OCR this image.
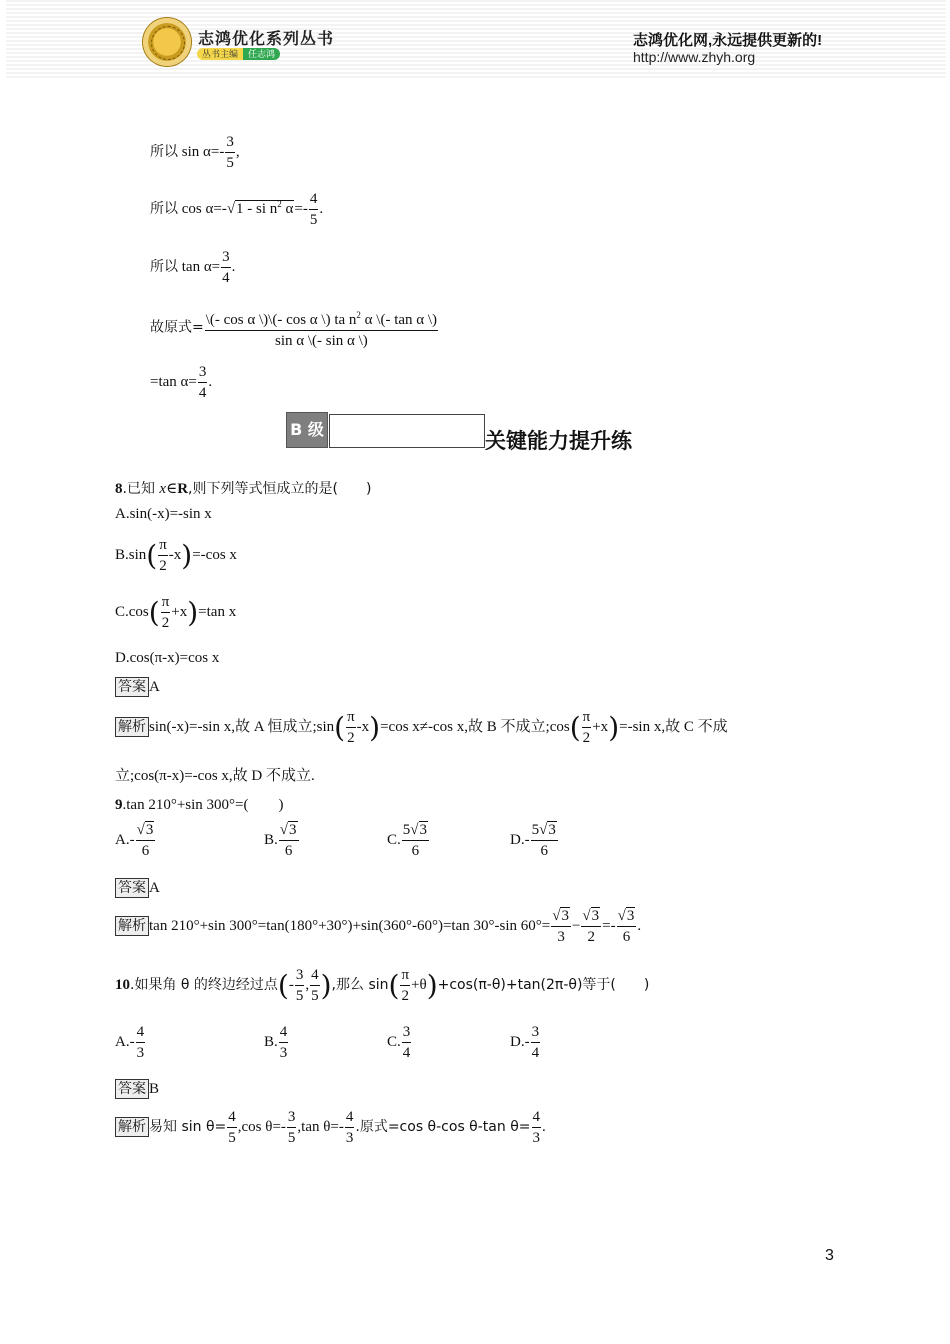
志鸿优化系列丛书
丛书主编	任志鸿
志鸿优化网,永远提供更新的!
http://www.zhyh.org
所以 $\sin \alpha=- \frac{3}{5}$ ,
所以 cos α=-√1 - si $n^2$ $\alpha=- \frac{4}{5}$ .
所以 $\tan \alpha= \frac{3}{4}$ .
故原式= $\frac{\backslash(- \cos \alpha \backslash)\backslash(- \cos \alpha \backslash) ta n^2 \alpha \backslash(- \tan \alpha \backslash)}{\text{sin α \textbackslash{}(- sin α \textbackslash{})}}$
=tan $\alpha= \frac{3}{4}$ .
B 级	关键能力提升练
8.已知 x∈R,则下列等式恒成立的是(　　)
A.sin(-x)=-sin x
$B.\sin( \frac{\pi}{2} -x)=-\cos$ x
$C.\cos( \frac{\pi}{2} +x)=\tan$ x
D.cos(π-x)=cos x
答案 A
解析 sin(-x)=-sin x,故 A 恒成立;sin( $\frac{\pi}{2} -x)=\cos$ x≠-cos x,故 B 不成立;cos( $\frac{\pi}{2} +x)=-\sin$ x,故 C 不成
立;cos(π-x)=-cos x,故 D 不成立.
9.tan 210°+sin 300°=(　　)
$A.- \frac{√3}{6}$	B. $\frac{√3}{6}$	C. $\frac{5√3}{6}$	$D.- \frac{5√3}{6}$
答案 A
解析 tan 210°+sin 300°=tan(180°+30°)+sin(360°-60°)=tan 30°-sin $60^\circ= \frac{√3}{3} - \frac{√3}{2} =- \frac{√3}{6}$ .
10.如果角 θ 的终边经过点(- $\frac{3}{5}$ , $\frac{4}{5}$ ),那么 $\sin( \frac{\pi}{2} +\theta)+\cos(\pi-\theta)+\tan(2\pi-\theta)$等于(　　)
$A.- \frac{4}{3}$	B. $\frac{4}{3}$	C. $\frac{3}{4}$	$D.- \frac{3}{4}$
答案 B
解析 易知 $\sin \theta= \frac{4}{5} ,\cos$ $\theta=- \frac{3}{5} ,\tan$ $\theta=- \frac{4}{3}$ .原式=cos θ-cos θ-tan $\theta= \frac{4}{3}$ .
3
